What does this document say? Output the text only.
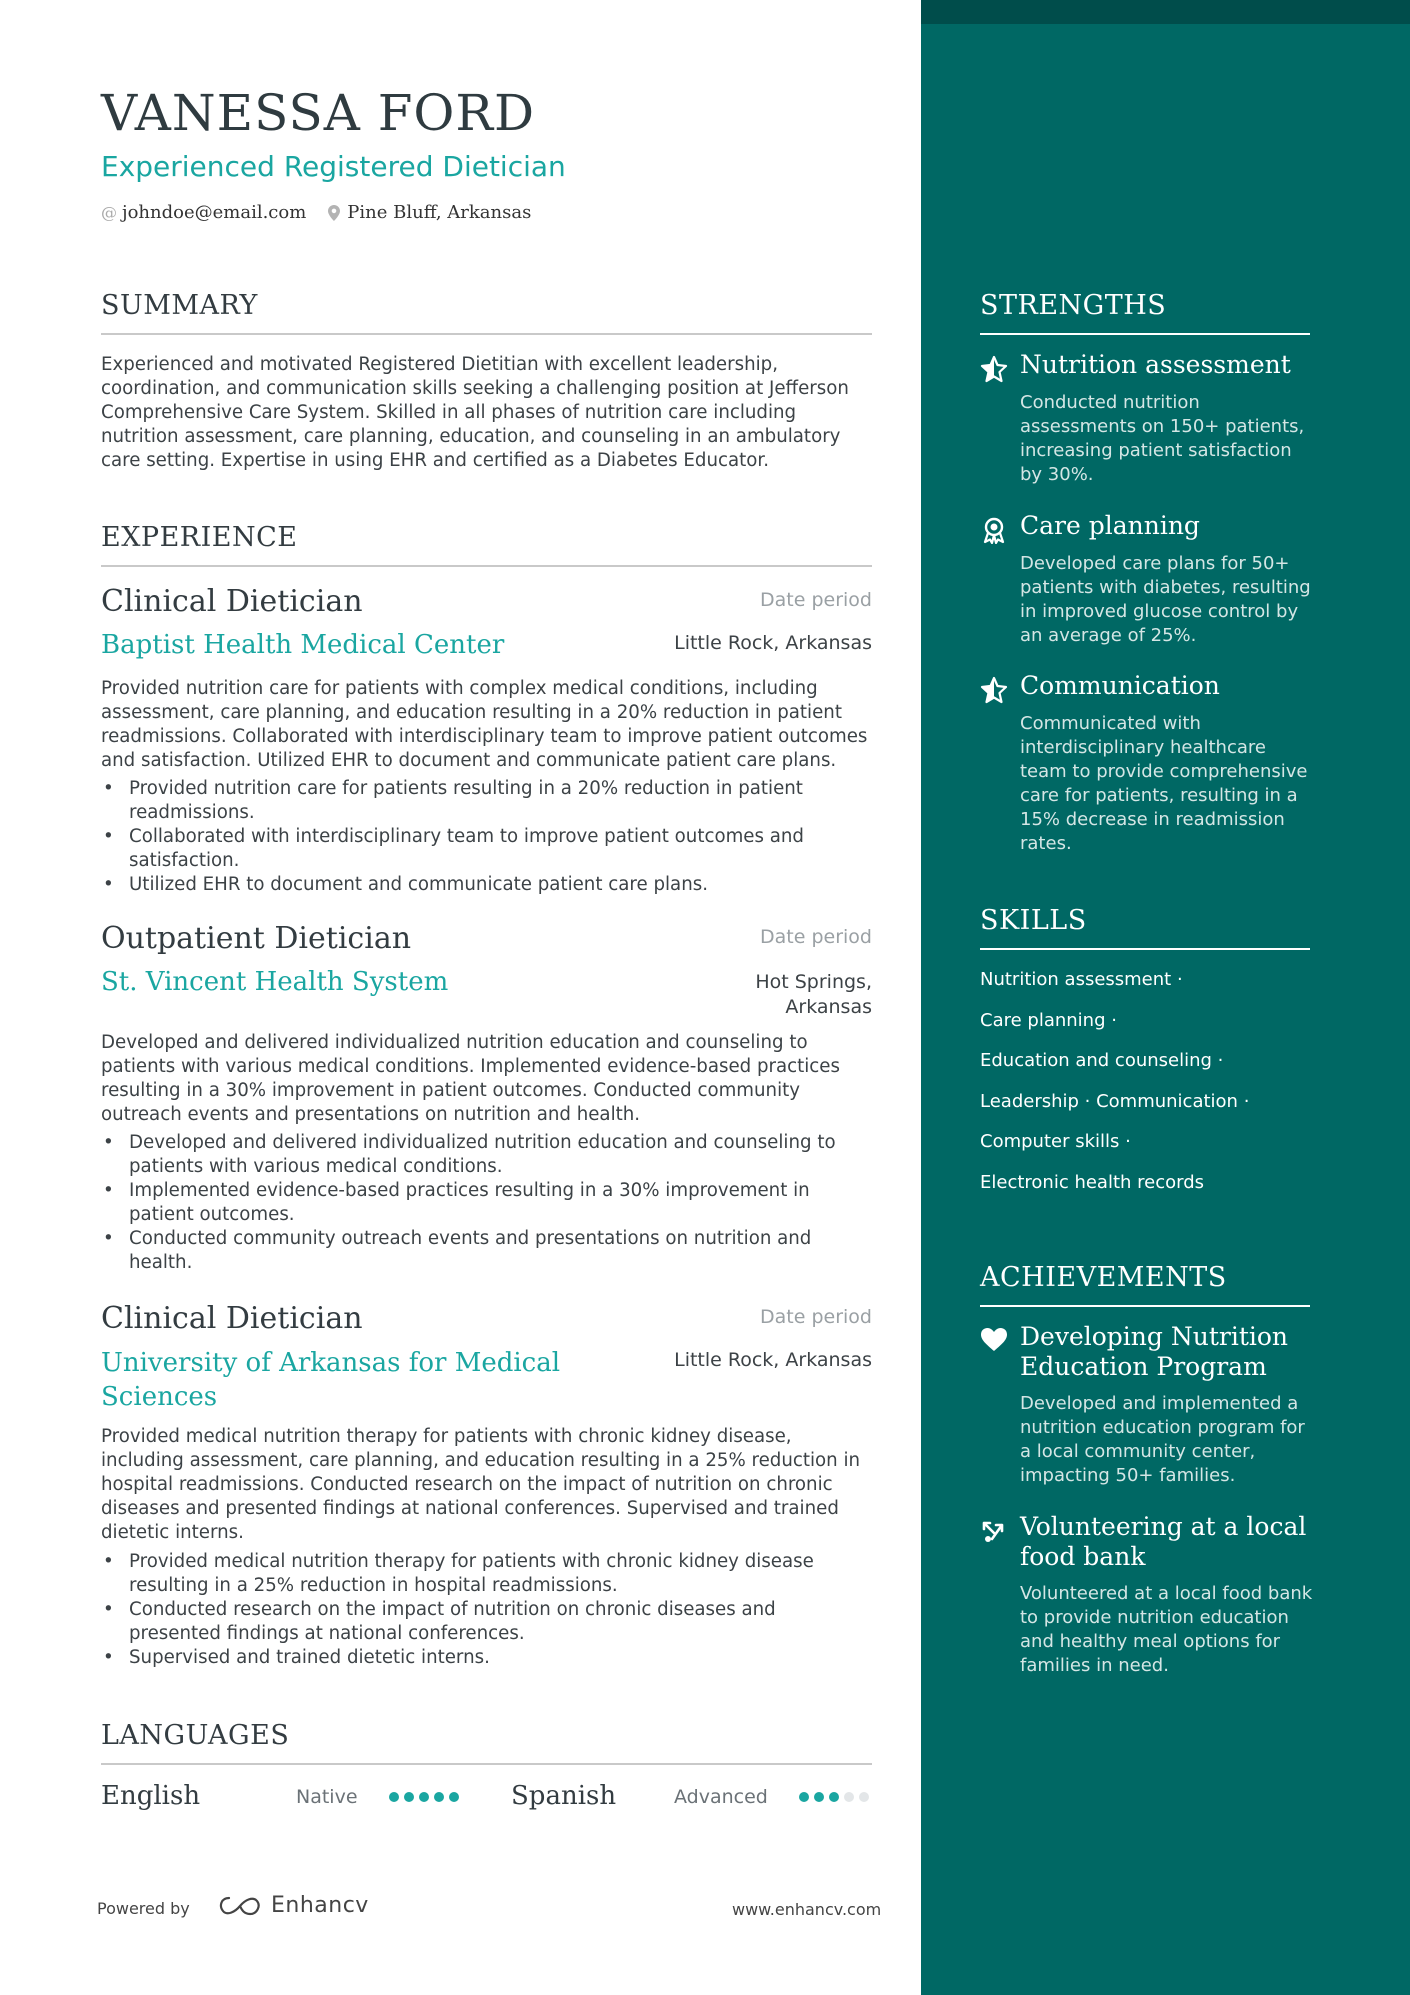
VANESSA FORD
Experienced Registered Dietician
@ johndoe@email.com Pine Bluff, Arkansas
SUMMARY
Experienced and motivated Registered Dietitian with excellent leadership, coordination, and communication skills seeking a challenging position at Jefferson Comprehensive Care System. Skilled in all phases of nutrition care including nutrition assessment, care planning, education, and counseling in an ambulatory care setting. Expertise in using EHR and certified as a Diabetes Educator.
EXPERIENCE
Clinical Dietician	Date period
Baptist Health Medical Center	Little Rock, Arkansas
Provided nutrition care for patients with complex medical conditions, including assessment, care planning, and education resulting in a 20% reduction in patient readmissions. Collaborated with interdisciplinary team to improve patient outcomes and satisfaction. Utilized EHR to document and communicate patient care plans.
• Provided nutrition care for patients resulting in a 20% reduction in patient readmissions.
• Collaborated with interdisciplinary team to improve patient outcomes and satisfaction.
• Utilized EHR to document and communicate patient care plans.
Outpatient Dietician	Date period
St. Vincent Health System	Hot Springs,
Arkansas
Developed and delivered individualized nutrition education and counseling to patients with various medical conditions. Implemented evidence-based practices resulting in a 30% improvement in patient outcomes. Conducted community outreach events and presentations on nutrition and health.
• Developed and delivered individualized nutrition education and counseling to patients with various medical conditions.
• Implemented evidence-based practices resulting in a 30% improvement in patient outcomes.
• Conducted community outreach events and presentations on nutrition and health.
Clinical Dietician	Date period
University of Arkansas for Medical
Sciences
Little Rock, Arkansas
Provided medical nutrition therapy for patients with chronic kidney disease, including assessment, care planning, and education resulting in a 25% reduction in hospital readmissions. Conducted research on the impact of nutrition on chronic diseases and presented findings at national conferences. Supervised and trained dietetic interns.
• Provided medical nutrition therapy for patients with chronic kidney disease resulting in a 25% reduction in hospital readmissions.
• Conducted research on the impact of nutrition on chronic diseases and presented findings at national conferences.
• Supervised and trained dietetic interns.
LANGUAGES
English	Native	Spanish	Advanced
Powered by	Enhancv	www.enhancv.com
STRENGTHS
Nutrition assessment
Conducted nutrition assessments on 150+ patients, increasing patient satisfaction by 30%.
Care planning
Developed care plans for 50+ patients with diabetes, resulting in improved glucose control by an average of 25%.
Communication
Communicated with interdisciplinary healthcare team to provide comprehensive care for patients, resulting in a 15% decrease in readmission rates.
SKILLS
Nutrition assessment ·
Care planning ·
Education and counseling ·
Leadership · Communication ·
Computer skills ·
Electronic health records
ACHIEVEMENTS
Developing Nutrition
Education Program
Developed and implemented a nutrition education program for a local community center, impacting 50+ families.
Volunteering at a local
food bank
Volunteered at a local food bank to provide nutrition education and healthy meal options for families in need.
